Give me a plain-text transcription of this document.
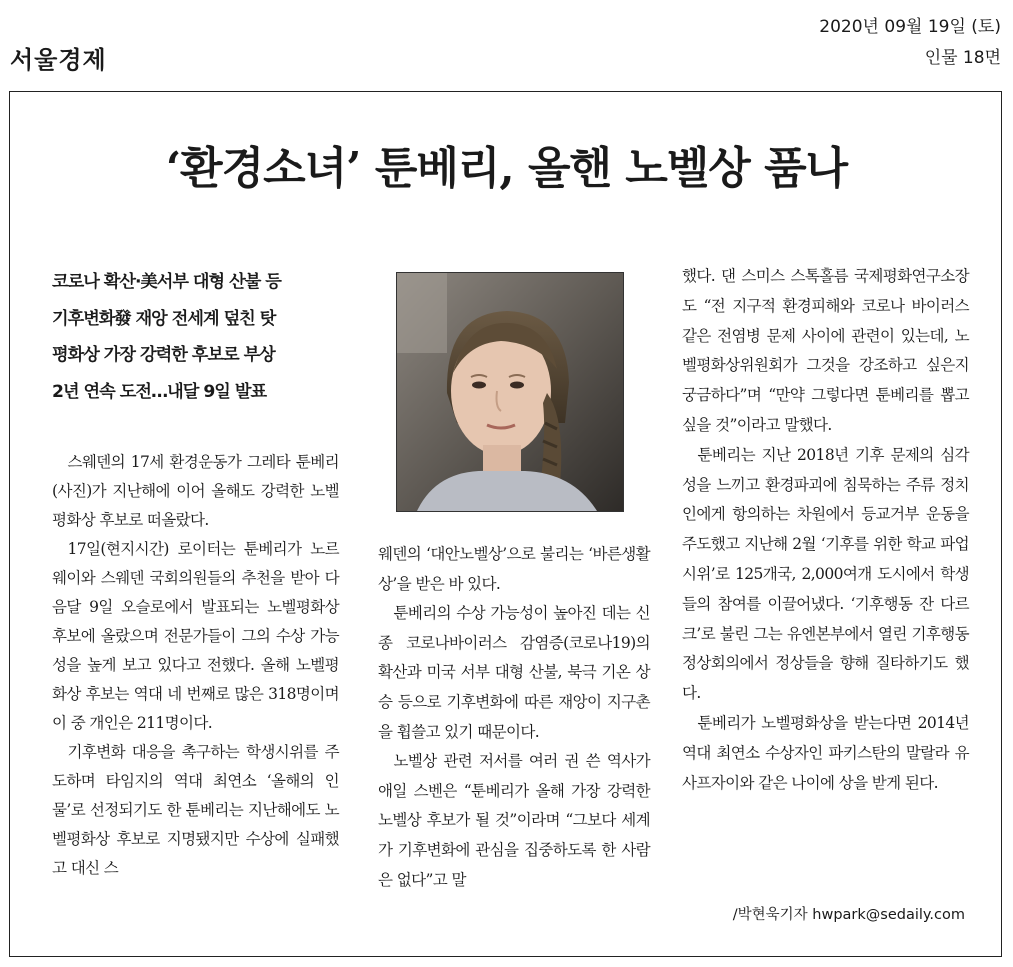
서울경제
2020년 09월 19일 (토)
인물 18면
‘환경소녀’ 툰베리, 올핸 노벨상 품나
코로나 확산·美서부 대형 산불 등
기후변화發 재앙 전세계 덮친 탓
평화상 가장 강력한 후보로 부상
2년 연속 도전…내달 9일 발표

스웨덴의 17세 환경운동가 그레타 툰베리(사진)가 지난해에 이어 올해도 강력한 노벨평화상 후보로 떠올랐다.

17일(현지시간) 로이터는 툰베리가 노르웨이와 스웨덴 국회의원들의 추천을 받아 다음달 9일 오슬로에서 발표되는 노벨평화상 후보에 올랐으며 전문가들이 그의 수상 가능성을 높게 보고 있다고 전했다. 올해 노벨평화상 후보는 역대 네 번째로 많은 318명이며 이 중 개인은 211명이다.

기후변화 대응을 촉구하는 학생시위를 주도하며 타임지의 역대 최연소 ‘올해의 인물’로 선정되기도 한 툰베리는 지난해에도 노벨평화상 후보로 지명됐지만 수상에 실패했고 대신 스

웨덴의 ‘대안노벨상’으로 불리는 ‘바른생활상’을 받은 바 있다.

툰베리의 수상 가능성이 높아진 데는 신종 코로나바이러스 감염증(코로나19)의 확산과 미국 서부 대형 산불, 북극 기온 상승 등으로 기후변화에 따른 재앙이 지구촌을 휩쓸고 있기 때문이다.

노벨상 관련 저서를 여러 권 쓴 역사가 애일 스벤은 “툰베리가 올해 가장 강력한 노벨상 후보가 될 것”이라며 “그보다 세계가 기후변화에 관심을 집중하도록 한 사람은 없다”고 말

했다. 댄 스미스 스톡홀름 국제평화연구소장도 “전 지구적 환경피해와 코로나 바이러스 같은 전염병 문제 사이에 관련이 있는데, 노벨평화상위원회가 그것을 강조하고 싶은지 궁금하다”며 “만약 그렇다면 툰베리를 뽑고 싶을 것”이라고 말했다.

툰베리는 지난 2018년 기후 문제의 심각성을 느끼고 환경파괴에 침묵하는 주류 정치인에게 항의하는 차원에서 등교거부 운동을 주도했고 지난해 2월 ‘기후를 위한 학교 파업 시위’로 125개국, 2,000여개 도시에서 학생들의 참여를 이끌어냈다. ‘기후행동 잔 다르크’로 불린 그는 유엔본부에서 열린 기후행동 정상회의에서 정상들을 향해 질타하기도 했다.

툰베리가 노벨평화상을 받는다면 2014년 역대 최연소 수상자인 파키스탄의 말랄라 유사프자이와 같은 나이에 상을 받게 된다.

/박현욱기자 hwpark@sedaily.com
